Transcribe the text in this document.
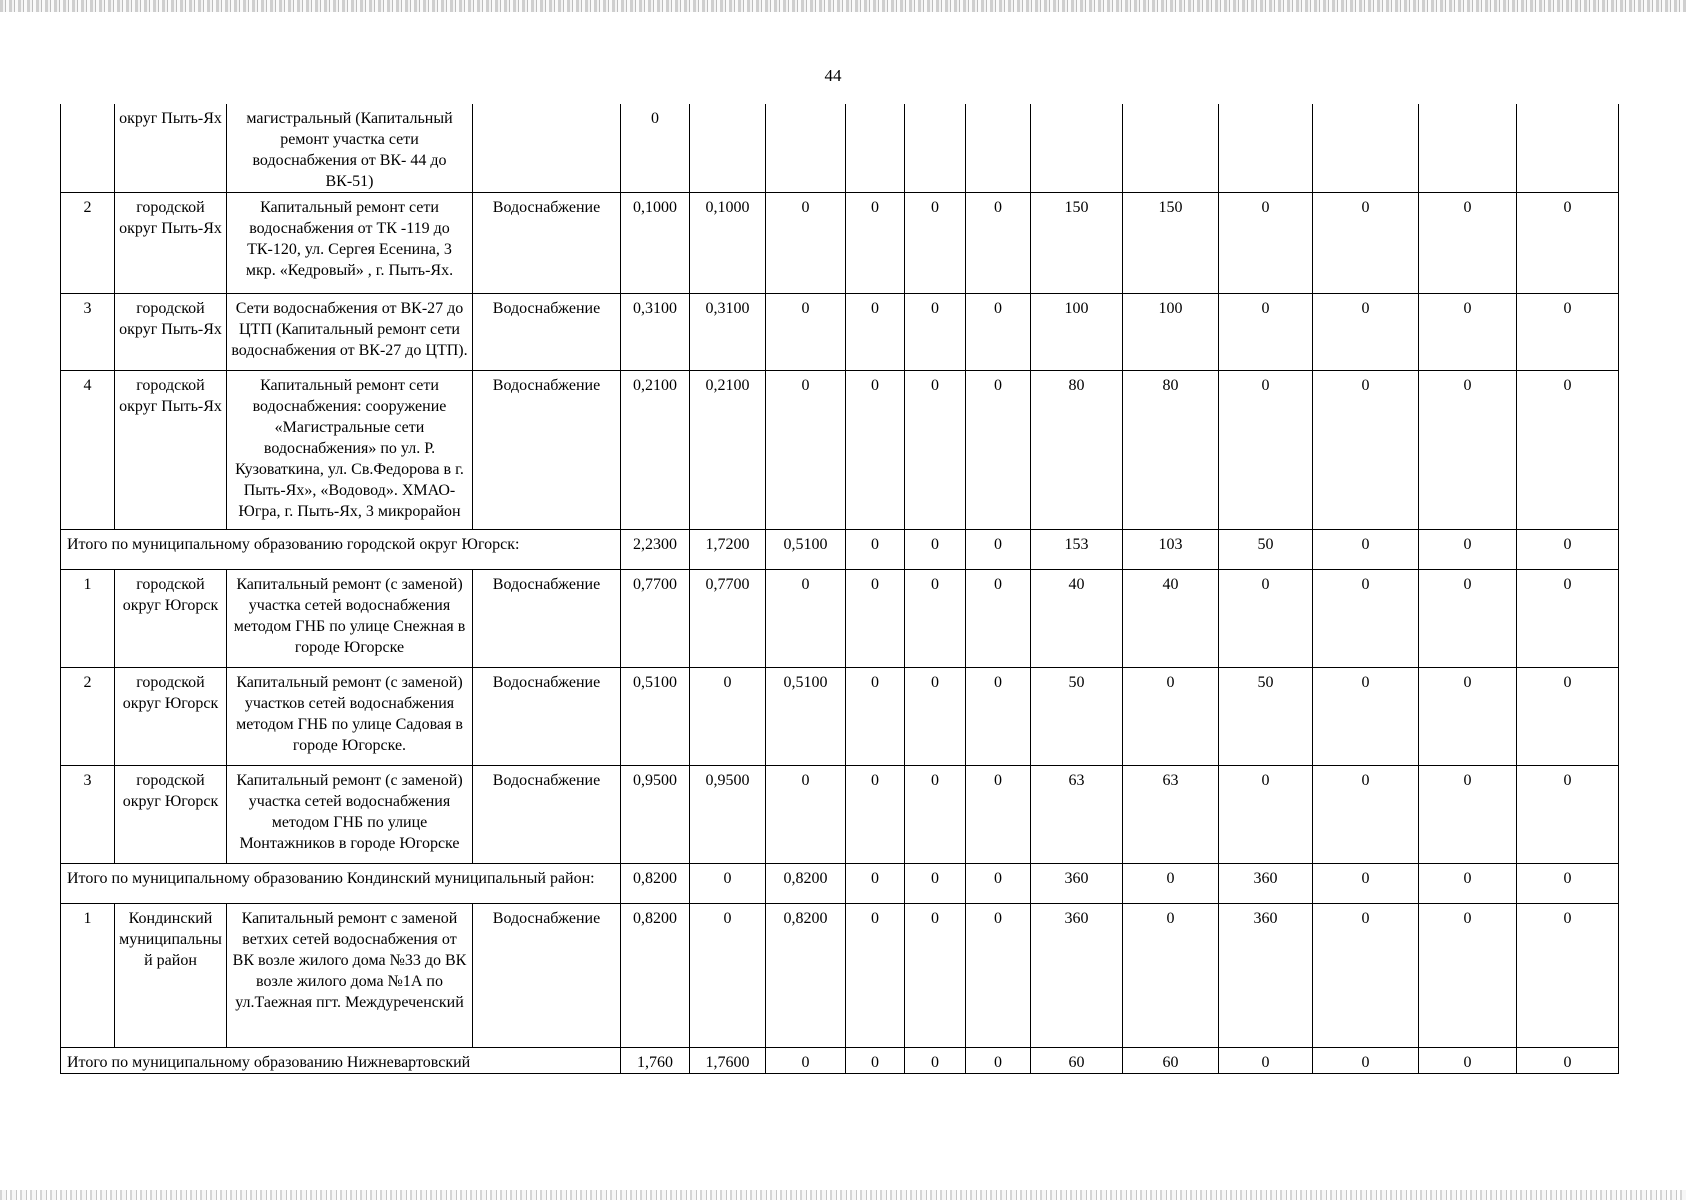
44
	округ Пыть-Ях	магистральный (Капитальный ремонт участка сети водоснабжения от ВК- 44 до ВК-51)		0											
2	городской округ Пыть-Ях	Капитальный ремонт сети водоснабжения от ТК -119 до ТК-120, ул. Сергея Есенина, 3 мкр. «Кедровый» , г. Пыть-Ях.	Водоснабжение	0,1000	0,1000	0	0	0	0	150	150	0	0	0	0
3	городской округ Пыть-Ях	Сети водоснабжения от ВК-27 до ЦТП (Капитальный ремонт сети водоснабжения от ВК-27 до ЦТП).	Водоснабжение	0,3100	0,3100	0	0	0	0	100	100	0	0	0	0
4	городской округ Пыть-Ях	Капитальный ремонт сети водоснабжения: сооружение «Магистральные сети водоснабжения» по ул. Р. Кузоваткина, ул. Св.Федорова в г. Пыть-Ях», «Водовод». ХМАО-Югра, г. Пыть-Ях, 3 микрорайон	Водоснабжение	0,2100	0,2100	0	0	0	0	80	80	0	0	0	0
Итого по муниципальному образованию городской округ Югорск:				2,2300	1,7200	0,5100	0	0	0	153	103	50	0	0	0
1	городской округ Югорск	Капитальный ремонт (с заменой) участка сетей водоснабжения методом ГНБ по улице Снежная в городе Югорске	Водоснабжение	0,7700	0,7700	0	0	0	0	40	40	0	0	0	0
2	городской округ Югорск	Капитальный ремонт (с заменой) участков сетей водоснабжения методом ГНБ по улице Садовая в городе Югорске.	Водоснабжение	0,5100	0	0,5100	0	0	0	50	0	50	0	0	0
3	городской округ Югорск	Капитальный ремонт (с заменой) участка сетей водоснабжения методом ГНБ по улице Монтажников в городе Югорске	Водоснабжение	0,9500	0,9500	0	0	0	0	63	63	0	0	0	0
Итого по муниципальному образованию Кондинский муниципальный район:				0,8200	0	0,8200	0	0	0	360	0	360	0	0	0
1	Кондинский муниципальный район	Капитальный ремонт с заменой ветхих сетей водоснабжения от ВК возле жилого дома №33 до ВК возле жилого дома №1А по ул.Таежная пгт. Междуреченский	Водоснабжение	0,8200	0	0,8200	0	0	0	360	0	360	0	0	0
Итого по муниципальному образованию Нижневартовский				1,760	1,7600	0	0	0	0	60	60	0	0	0	0
